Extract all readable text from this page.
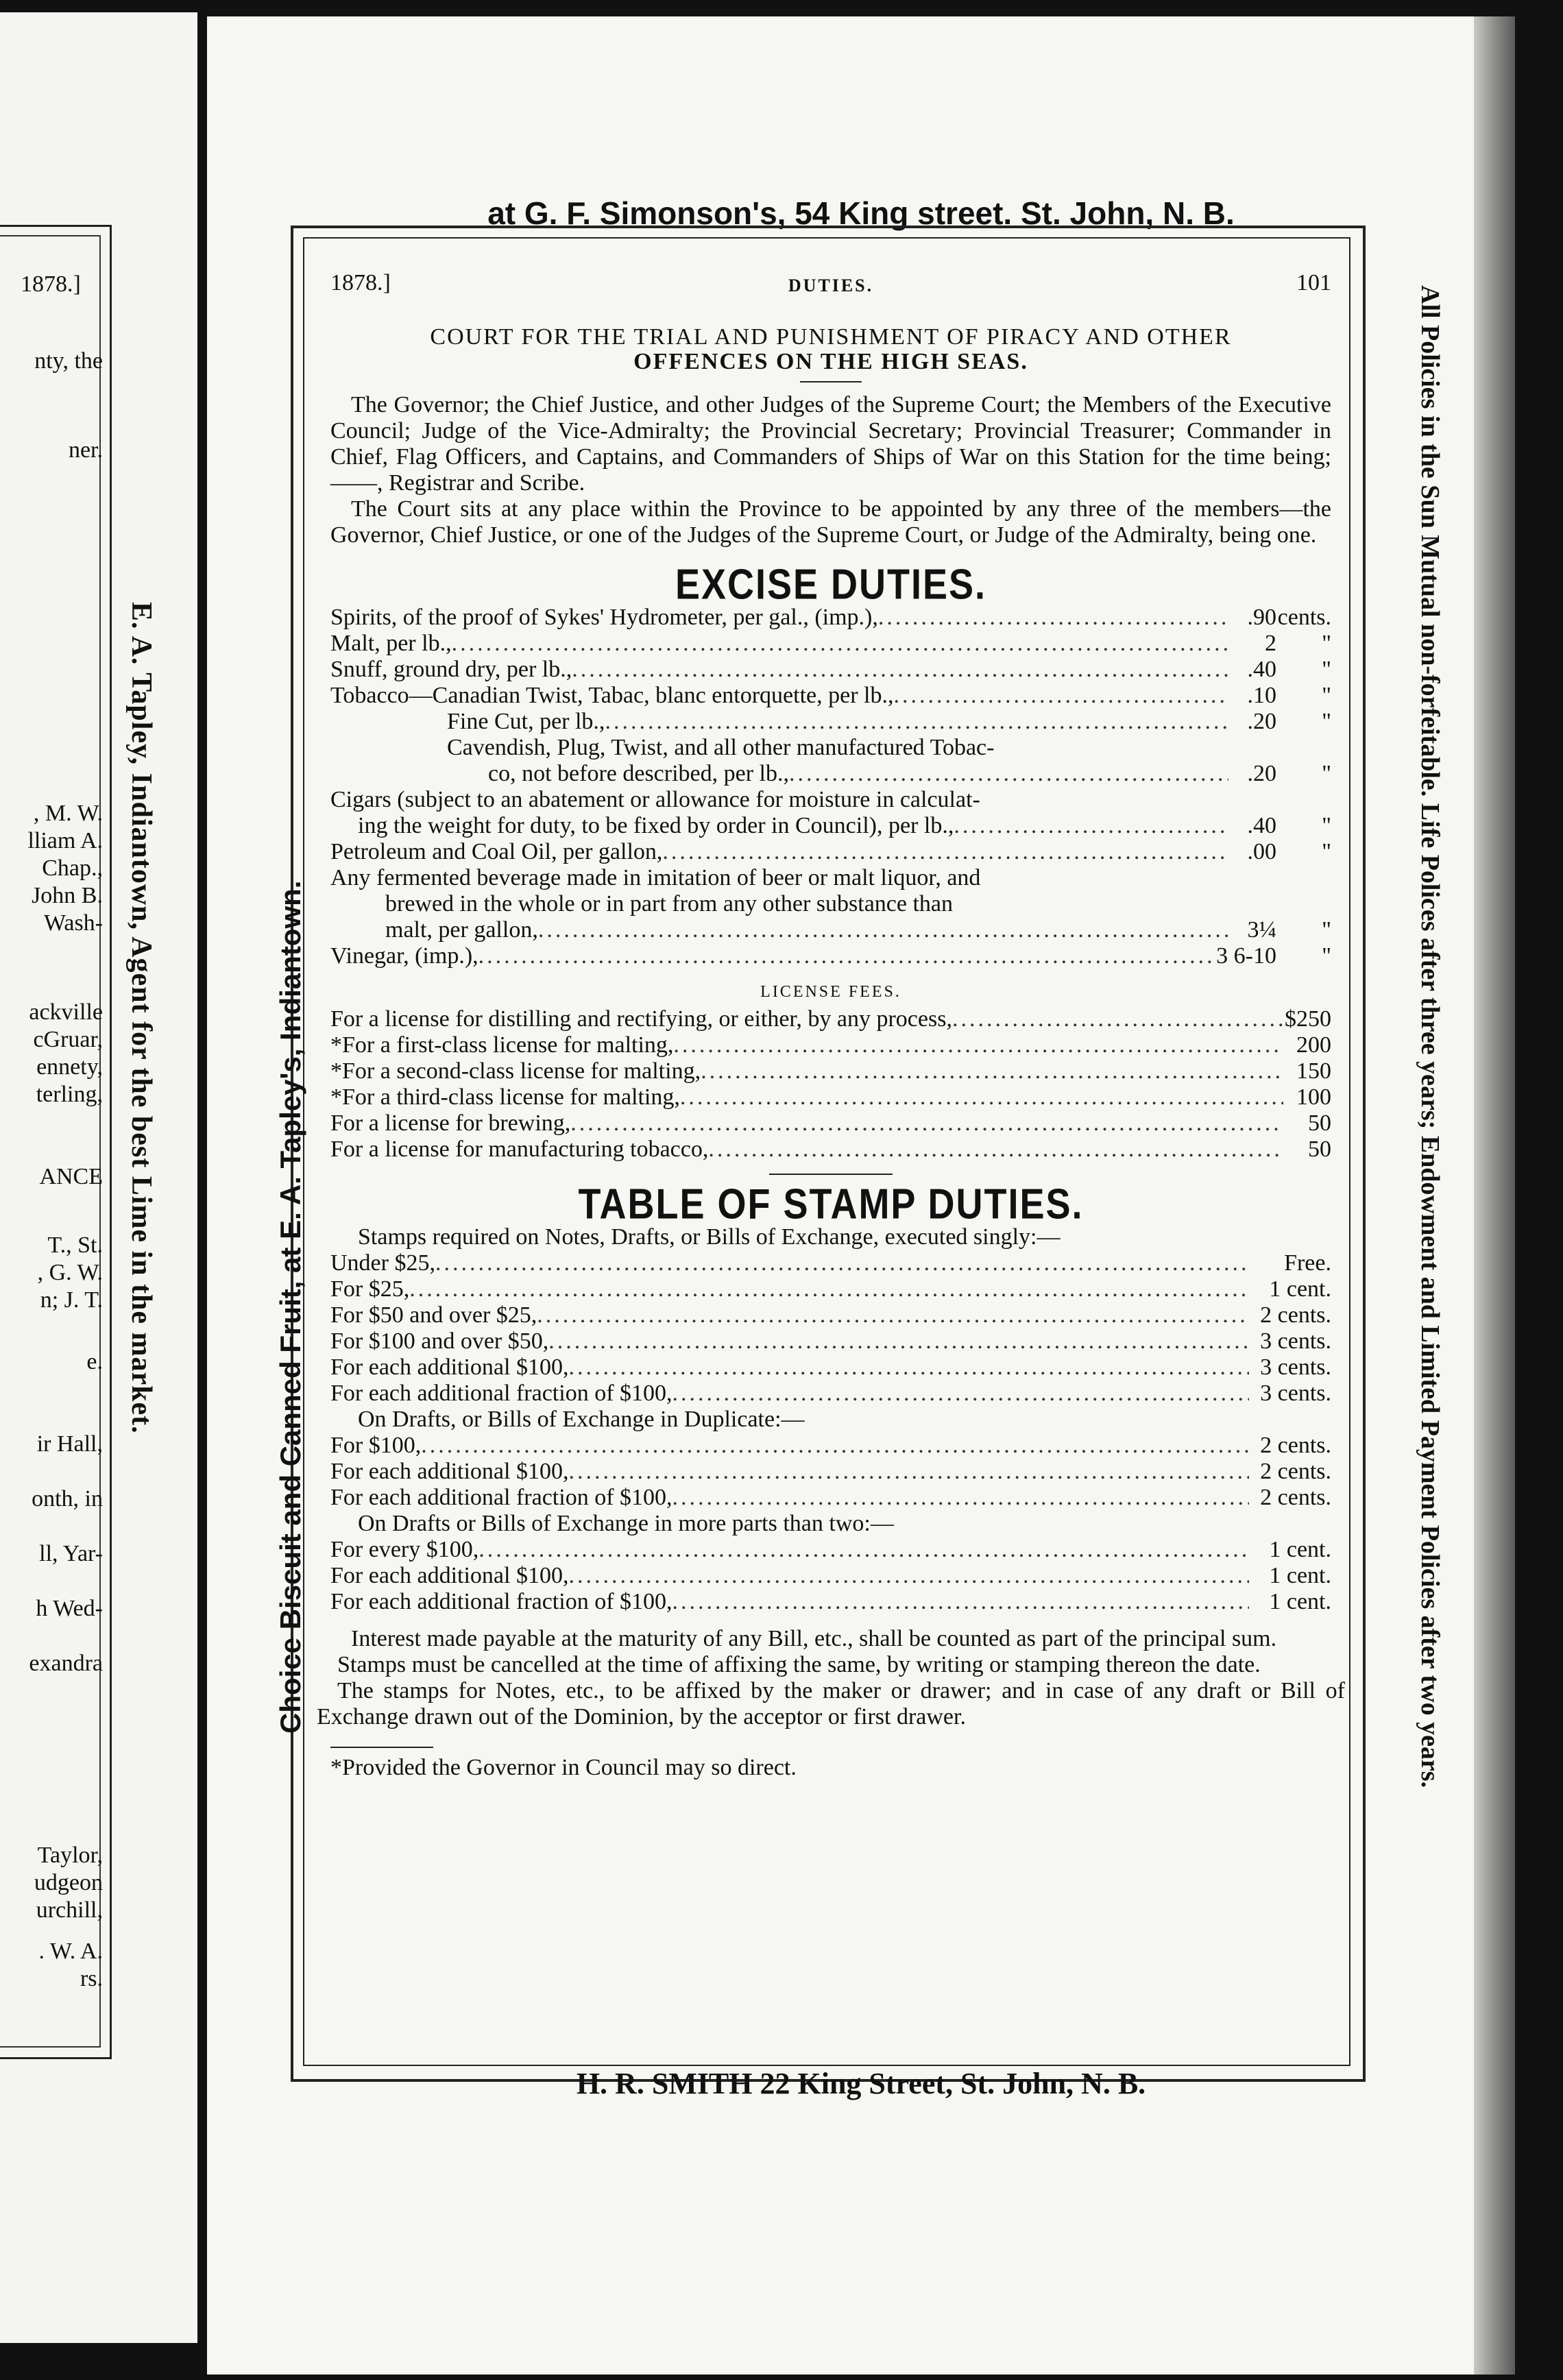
1878.]
nty, the
ner.
, M. W.
lliam A.
Chap.,
John B.
Wash-
ackville
cGruar,
ennety,
terling,
ANCE
T., St.
, G. W.
n; J. T.
e.
ir Hall,
onth, in
ll, Yar-
h Wed-
exandra
Taylor,
udgeon
urchill,
. W. A.
rs.
E. A. Tapley, Indiantown, Agent for the best Lime in the market.
at G. F. Simonson's, 54 King street. St. John, N. B.
Choice Biscuit and Canned Fruit, at E. A. Tapley's, Indiantown.	All Policies in the Sun Mutual non-forfeitable. Life Polices after three years; Endowment and Limited Payment Policies after two years.
1878.]	DUTIES.	101
COURT FOR THE TRIAL AND PUNISHMENT OF PIRACY AND OTHER
OFFENCES ON THE HIGH SEAS.

The Governor; the Chief Justice, and other Judges of the Supreme Court; the Members of the Executive Council; Judge of the Vice-Admiralty; the Provincial Secretary; Provincial Treasurer; Commander in Chief, Flag Officers, and Captains, and Commanders of Ships of War on this Station for the time being;——, Registrar and Scribe.

The Court sits at any place within the Province to be appointed by any three of the members—the Governor, Chief Justice, or one of the Judges of the Supreme Court, or Judge of the Admiralty, being one.

EXCISE DUTIES.
Spirits, of the proof of Sykes' Hydrometer, per gal., (imp.), .....	.90 cents.
Malt, per lb., .....	2	"
Snuff, ground dry, per lb., .....	.40	"
Tobacco—Canadian Twist, Tabac, blanc entorquette, per lb., .....	.10	"
Fine Cut, per lb., .....	.20	"
Cavendish, Plug, Twist, and all other manufactured Tobac-
co, not before described, per lb., .....	.20	"
Cigars (subject to an abatement or allowance for moisture in calculat-
ing the weight for duty, to be fixed by order in Council), per lb., .....	.40	"
Petroleum and Coal Oil, per gallon, .....	.00	"
Any fermented beverage made in imitation of beer or malt liquor, and
brewed in the whole or in part from any other substance than
malt, per gallon, .....	3¼	"
Vinegar, (imp.), .....	3 6-10	"
LICENSE FEES.
For a license for distilling and rectifying, or either, by any process, .....	$250
*For a first-class license for malting, .....	200
*For a second-class license for malting, .....	150
*For a third-class license for malting, .....	100
For a license for brewing, .....	50
For a license for manufacturing tobacco, .....	50
TABLE OF STAMP DUTIES.
Stamps required on Notes, Drafts, or Bills of Exchange, executed singly:—
Under $25, .....	Free.
For $25, .....	1 cent.
For $50 and over $25, .....	2 cents.
For $100 and over $50, .....	3 cents.
For each additional $100, .....	3 cents.
For each additional fraction of $100, .....	3 cents.
On Drafts, or Bills of Exchange in Duplicate:—
For $100, .....	2 cents.
For each additional $100, .....	2 cents.
For each additional fraction of $100, .....	2 cents.
On Drafts or Bills of Exchange in more parts than two:—
For every $100, .....	1 cent.
For each additional $100, .....	1 cent.
For each additional fraction of $100, .....	1 cent.

Interest made payable at the maturity of any Bill, etc., shall be counted as part of the principal sum.

Stamps must be cancelled at the time of affixing the same, by writing or stamping thereon the date.

The stamps for Notes, etc., to be affixed by the maker or drawer; and in case of any draft or Bill of Exchange drawn out of the Dominion, by the acceptor or first drawer.

*Provided the Governor in Council may so direct.
H. R. SMITH 22 King Street, St. John, N. B.
